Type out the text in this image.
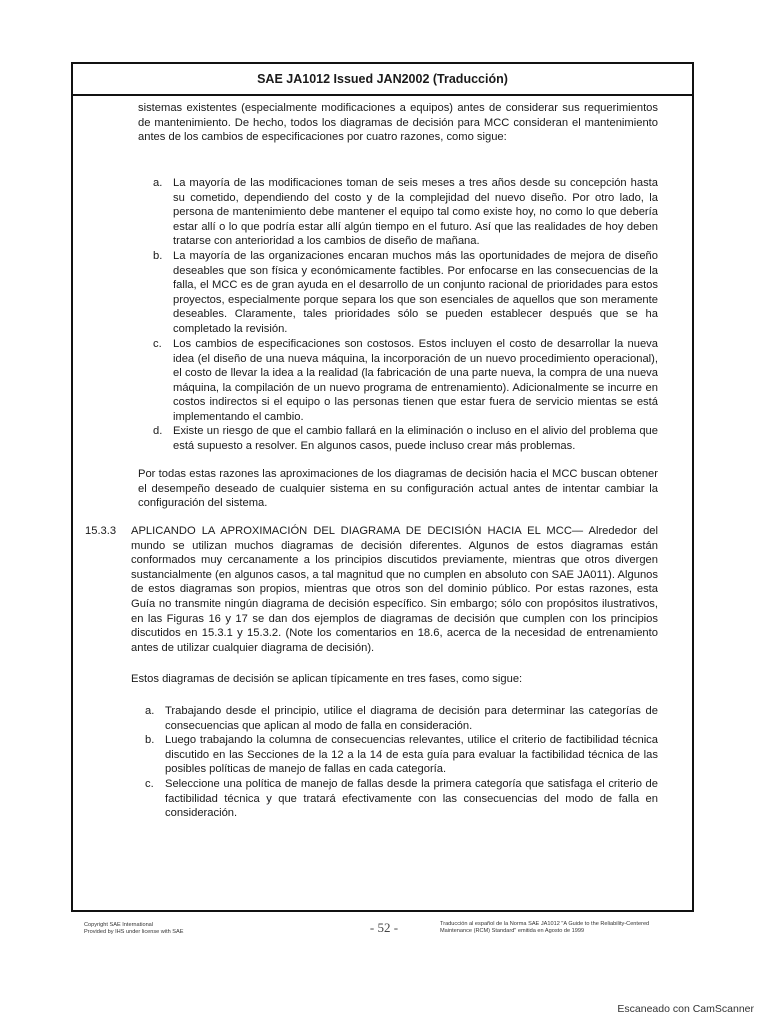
SAE JA1012 Issued JAN2002 (Traducción)

sistemas existentes (especialmente modificaciones a equipos) antes de considerar sus requerimientos de mantenimiento. De hecho, todos los diagramas de decisión para MCC consideran el mantenimiento antes de los cambios de especificaciones por cuatro razones, como sigue:

a. La mayoría de las modificaciones toman de seis meses a tres años desde su concepción hasta su cometido, dependiendo del costo y de la complejidad del nuevo diseño. Por otro lado, la persona de mantenimiento debe mantener el equipo tal como existe hoy, no como lo que debería estar allí o lo que podría estar allí algún tiempo en el futuro. Así que las realidades de hoy deben tratarse con anterioridad a los cambios de diseño de mañana.
b. La mayoría de las organizaciones encaran muchos más las oportunidades de mejora de diseño deseables que son física y económicamente factibles. Por enfocarse en las consecuencias de la falla, el MCC es de gran ayuda en el desarrollo de un conjunto racional de prioridades para estos proyectos, especialmente porque separa los que son esenciales de aquellos que son meramente deseables. Claramente, tales prioridades sólo se pueden establecer después que se ha completado la revisión.
c. Los cambios de especificaciones son costosos. Estos incluyen el costo de desarrollar la nueva idea (el diseño de una nueva máquina, la incorporación de un nuevo procedimiento operacional), el costo de llevar la idea a la realidad (la fabricación de una parte nueva, la compra de una nueva máquina, la compilación de un nuevo programa de entrenamiento). Adicionalmente se incurre en costos indirectos si el equipo o las personas tienen que estar fuera de servicio mientas se está implementando el cambio.
d. Existe un riesgo de que el cambio fallará en la eliminación o incluso en el alivio del problema que está supuesto a resolver. En algunos casos, puede incluso crear más problemas.

Por todas estas razones las aproximaciones de los diagramas de decisión hacia el MCC buscan obtener el desempeño deseado de cualquier sistema en su configuración actual antes de intentar cambiar la configuración del sistema.

15.3.3 APLICANDO LA APROXIMACIÓN DEL DIAGRAMA DE DECISIÓN HACIA EL MCC— Alrededor del mundo se utilizan muchos diagramas de decisión diferentes. Algunos de estos diagramas están conformados muy cercanamente a los principios discutidos previamente, mientras que otros divergen sustancialmente (en algunos casos, a tal magnitud que no cumplen en absoluto con SAE JA011). Algunos de estos diagramas son propios, mientras que otros son del dominio público. Por estas razones, esta Guía no transmite ningún diagrama de decisión específico. Sin embargo; sólo con propósitos ilustrativos, en las Figuras 16 y 17 se dan dos ejemplos de diagramas de decisión que cumplen con los principios discutidos en 15.3.1 y 15.3.2. (Note los comentarios en 18.6, acerca de la necesidad de entrenamiento antes de utilizar cualquier diagrama de decisión).

Estos diagramas de decisión se aplican típicamente en tres fases, como sigue:

a. Trabajando desde el principio, utilice el diagrama de decisión para determinar las categorías de consecuencias que aplican al modo de falla en consideración.
b. Luego trabajando la columna de consecuencias relevantes, utilice el criterio de factibilidad técnica discutido en las Secciones de la 12 a la 14 de esta guía para evaluar la factibilidad técnica de las posibles políticas de manejo de fallas en cada categoría.
c. Seleccione una política de manejo de fallas desde la primera categoría que satisfaga el criterio de factibilidad técnica y que tratará efectivamente con las consecuencias del modo de falla en consideración.
Copyright SAE International
Provided by IHS under license with SAE	- 52 -	Traducción al español de la Norma SAE JA1012 "A Guide to the Reliability-Centered
Maintenance (RCM) Standard" emitida en Agosto de 1999
Escaneado con CamScanner
